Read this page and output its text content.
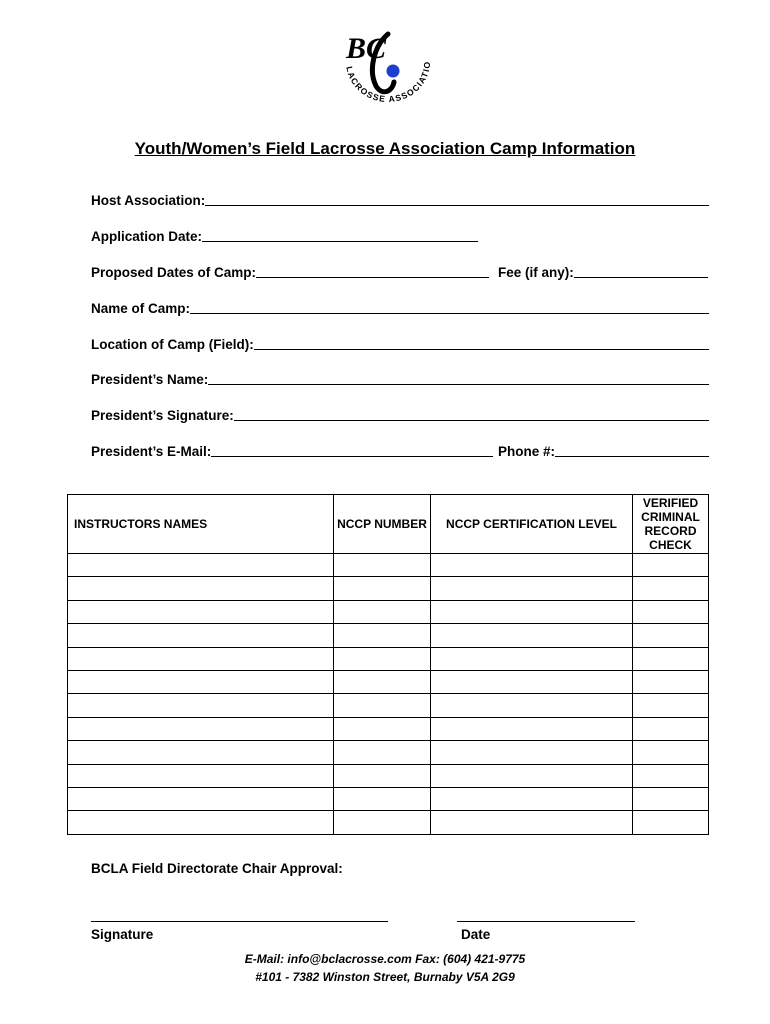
BC
LACROSSE ASSOCIATIO
Youth/Women’s Field Lacrosse Association Camp Information
Host Association:
Application Date:
Proposed Dates of Camp:	Fee (if any):
Name of Camp:
Location of Camp (Field):
President’s Name:
President’s Signature:
President’s E-Mail:	Phone #:
INSTRUCTORS NAMES	NCCP NUMBER	NCCP CERTIFICATION LEVEL	VERIFIED CRIMINAL RECORD CHECK

BCLA Field Directorate Chair Approval:
Signature	Date
E-Mail: info@bclacrosse.com Fax: (604) 421-9775
#101 - 7382 Winston Street, Burnaby V5A 2G9
